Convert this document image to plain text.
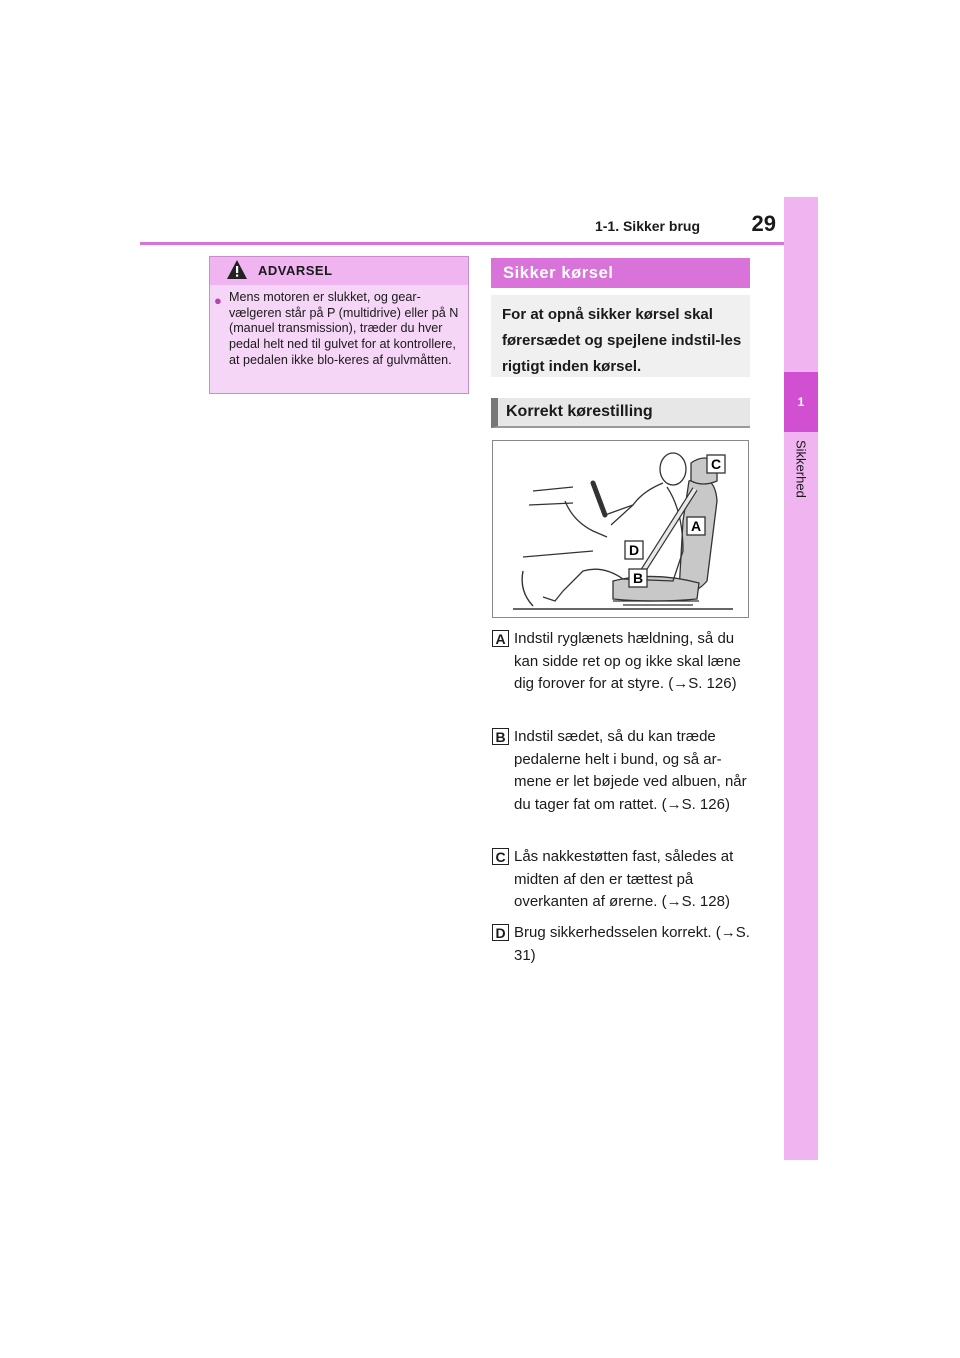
1-1. Sikker brug	29
1
Sikkerhed
ADVARSEL
● Mens motoren er slukket, og gear-vælgeren står på P (multidrive) eller på N (manuel transmission), træder du hver pedal helt ned til gulvet for at kontrollere, at pedalen ikke blo-keres af gulvmåtten.
Sikker kørsel
For at opnå sikker kørsel skal førersædet og spejlene indstil-les rigtigt inden kørsel.
Korrekt kørestilling
C
A
D
B
A Indstil ryglænets hældning, så du kan sidde ret op og ikke skal læne dig forover for at styre. (→S. 126)
B Indstil sædet, så du kan træde pedalerne helt i bund, og så ar-mene er let bøjede ved albuen, når du tager fat om rattet. (→S. 126)
C Lås nakkestøtten fast, således at midten af den er tættest på overkanten af ørerne. (→S. 128)
D Brug sikkerhedsselen korrekt. (→S. 31)
